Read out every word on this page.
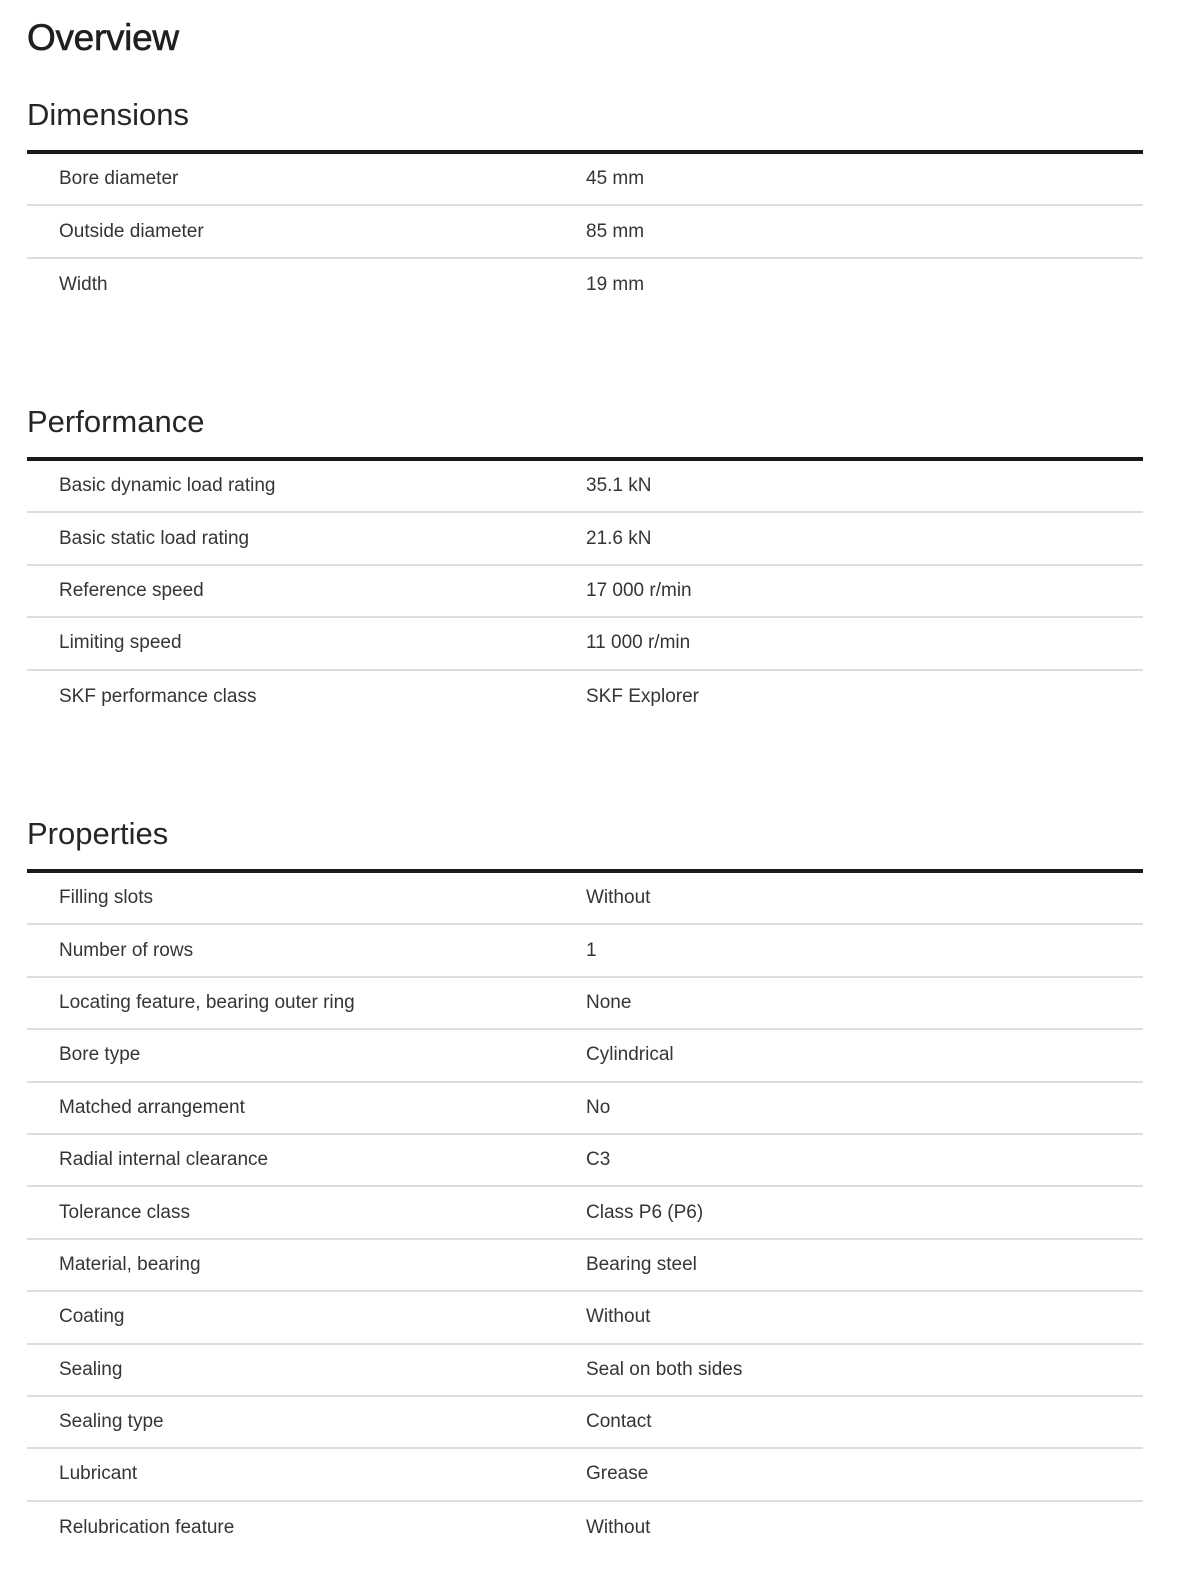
Overview
Dimensions
Bore diameter	45 mm
Outside diameter	85 mm
Width	19 mm
Performance
Basic dynamic load rating	35.1 kN
Basic static load rating	21.6 kN
Reference speed	17 000 r/min
Limiting speed	11 000 r/min
SKF performance class	SKF Explorer
Properties
Filling slots	Without
Number of rows	1
Locating feature, bearing outer ring	None
Bore type	Cylindrical
Matched arrangement	No
Radial internal clearance	C3
Tolerance class	Class P6 (P6)
Material, bearing	Bearing steel
Coating	Without
Sealing	Seal on both sides
Sealing type	Contact
Lubricant	Grease
Relubrication feature	Without
